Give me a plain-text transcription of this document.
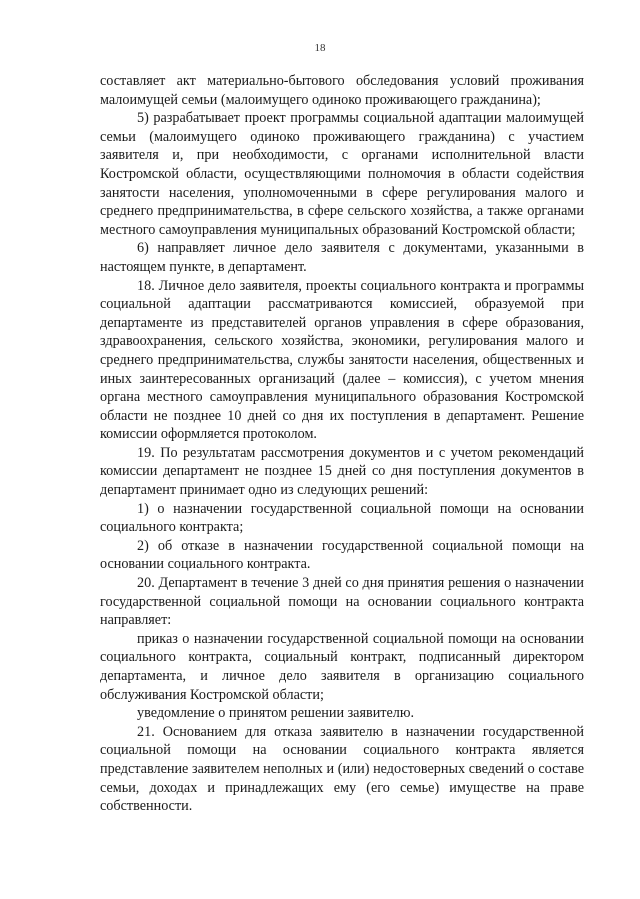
18

составляет акт материально-бытового обследования условий проживания малоимущей семьи (малоимущего одиноко проживающего гражданина);

5) разрабатывает проект программы социальной адаптации малоимущей семьи (малоимущего одиноко проживающего гражданина) с участием заявителя и, при необходимости, с органами исполнительной власти Костромской области, осуществляющими полномочия в области содействия занятости населения, уполномоченными в сфере регулирования малого и среднего предпринимательства, в сфере сельского хозяйства, а также органами местного самоуправления муниципальных образований Костромской области;

6) направляет личное дело заявителя с документами, указанными в настоящем пункте, в департамент.

18. Личное дело заявителя, проекты социального контракта и программы социальной адаптации рассматриваются комиссией, образуемой при департаменте из представителей органов управления в сфере образования, здравоохранения, сельского хозяйства, экономики, регулирования малого и среднего предпринимательства, службы занятости населения, общественных и иных заинтересованных организаций (далее – комиссия), с учетом мнения органа местного самоуправления муниципального образования Костромской области не позднее 10 дней со дня их поступления в департамент. Решение комиссии оформляется протоколом.

19. По результатам рассмотрения документов и с учетом рекомендаций комиссии департамент не позднее 15 дней со дня поступления документов в департамент принимает одно из следующих решений:

1) о назначении государственной социальной помощи на основании социального контракта;

2) об отказе в назначении государственной социальной помощи на основании социального контракта.

20. Департамент в течение 3 дней со дня принятия решения о назначении государственной социальной помощи на основании социального контракта направляет:

приказ о назначении государственной социальной помощи на основании социального контракта, социальный контракт, подписанный директором департамента, и личное дело заявителя в организацию социального обслуживания Костромской области;

уведомление о принятом решении заявителю.

21. Основанием для отказа заявителю в назначении государственной социальной помощи на основании социального контракта является представление заявителем неполных и (или) недостоверных сведений о составе семьи, доходах и принадлежащих ему (его семье) имуществе на праве собственности.
